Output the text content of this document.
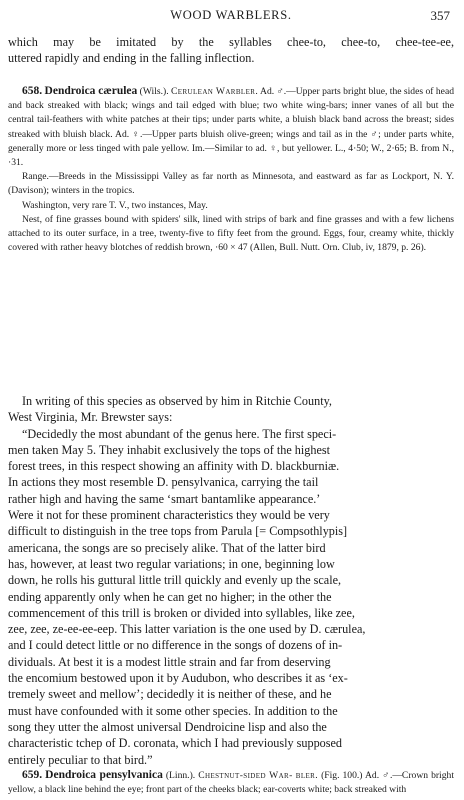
WOOD WARBLERS.	357
which may be imitated by the syllables chee-to, chee-to, chee-tee-ee,
uttered rapidly and ending in the falling inflection.

658. Dendroica cærulea (Wils.). Cerulean Warbler. Ad. ♂.—Upper parts bright blue, the sides of head and back streaked with black; wings and tail edged with blue; two white wing-bars; inner vanes of all but the central tail-feathers with white patches at their tips; under parts white, a bluish black band across the breast; sides streaked with bluish black. Ad. ♀.—Upper parts bluish olive-green; wings and tail as in the ♂; under parts white, generally more or less tinged with pale yellow. Im.—Similar to ad. ♀, but yellower. L., 4·50; W., 2·65; B. from N., ·31.

Range.—Breeds in the Mississippi Valley as far north as Minnesota, and eastward as far as Lockport, N. Y. (Davison); winters in the tropics.

Washington, very rare T. V., two instances, May.

Nest, of fine grasses bound with spiders' silk, lined with strips of bark and fine grasses and with a few lichens attached to its outer surface, in a tree, twenty-five to fifty feet from the ground. Eggs, four, creamy white, thickly covered with rather heavy blotches of reddish brown, ·60 × 47 (Allen, Bull. Nutt. Orn. Club, iv, 1879, p. 26).

In writing of this species as observed by him in Ritchie County,
West Virginia, Mr. Brewster says:
“Decidedly the most abundant of the genus here. The first speci-
men taken May 5. They inhabit exclusively the tops of the highest
forest trees, in this respect showing an affinity with D. blackburniæ.
In actions they most resemble D. pensylvanica, carrying the tail
rather high and having the same ‘smart bantamlike appearance.’
Were it not for these prominent characteristics they would be very
difficult to distinguish in the tree tops from Parula [= Compsothlypis]
americana, the songs are so precisely alike. That of the latter bird
has, however, at least two regular variations; in one, beginning low
down, he rolls his guttural little trill quickly and evenly up the scale,
ending apparently only when he can get no higher; in the other the
commencement of this trill is broken or divided into syllables, like zee,
zee, zee, ze-ee-ee-eep. This latter variation is the one used by D. cærulea,
and I could detect little or no difference in the songs of dozens of in-
dividuals. At best it is a modest little strain and far from deserving
the encomium bestowed upon it by Audubon, who describes it as ‘ex-
tremely sweet and mellow’; decidedly it is neither of these, and he
must have confounded with it some other species. In addition to the
song they utter the almost universal Dendroicine lisp and also the
characteristic tchep of D. coronata, which I had previously supposed
entirely peculiar to that bird.”

659. Dendroica pensylvanica (Linn.). Chestnut-sided War- bler. (Fig. 100.) Ad. ♂.—Crown bright yellow, a black line behind the eye; front part of the cheeks black; ear-coverts white; back streaked with
